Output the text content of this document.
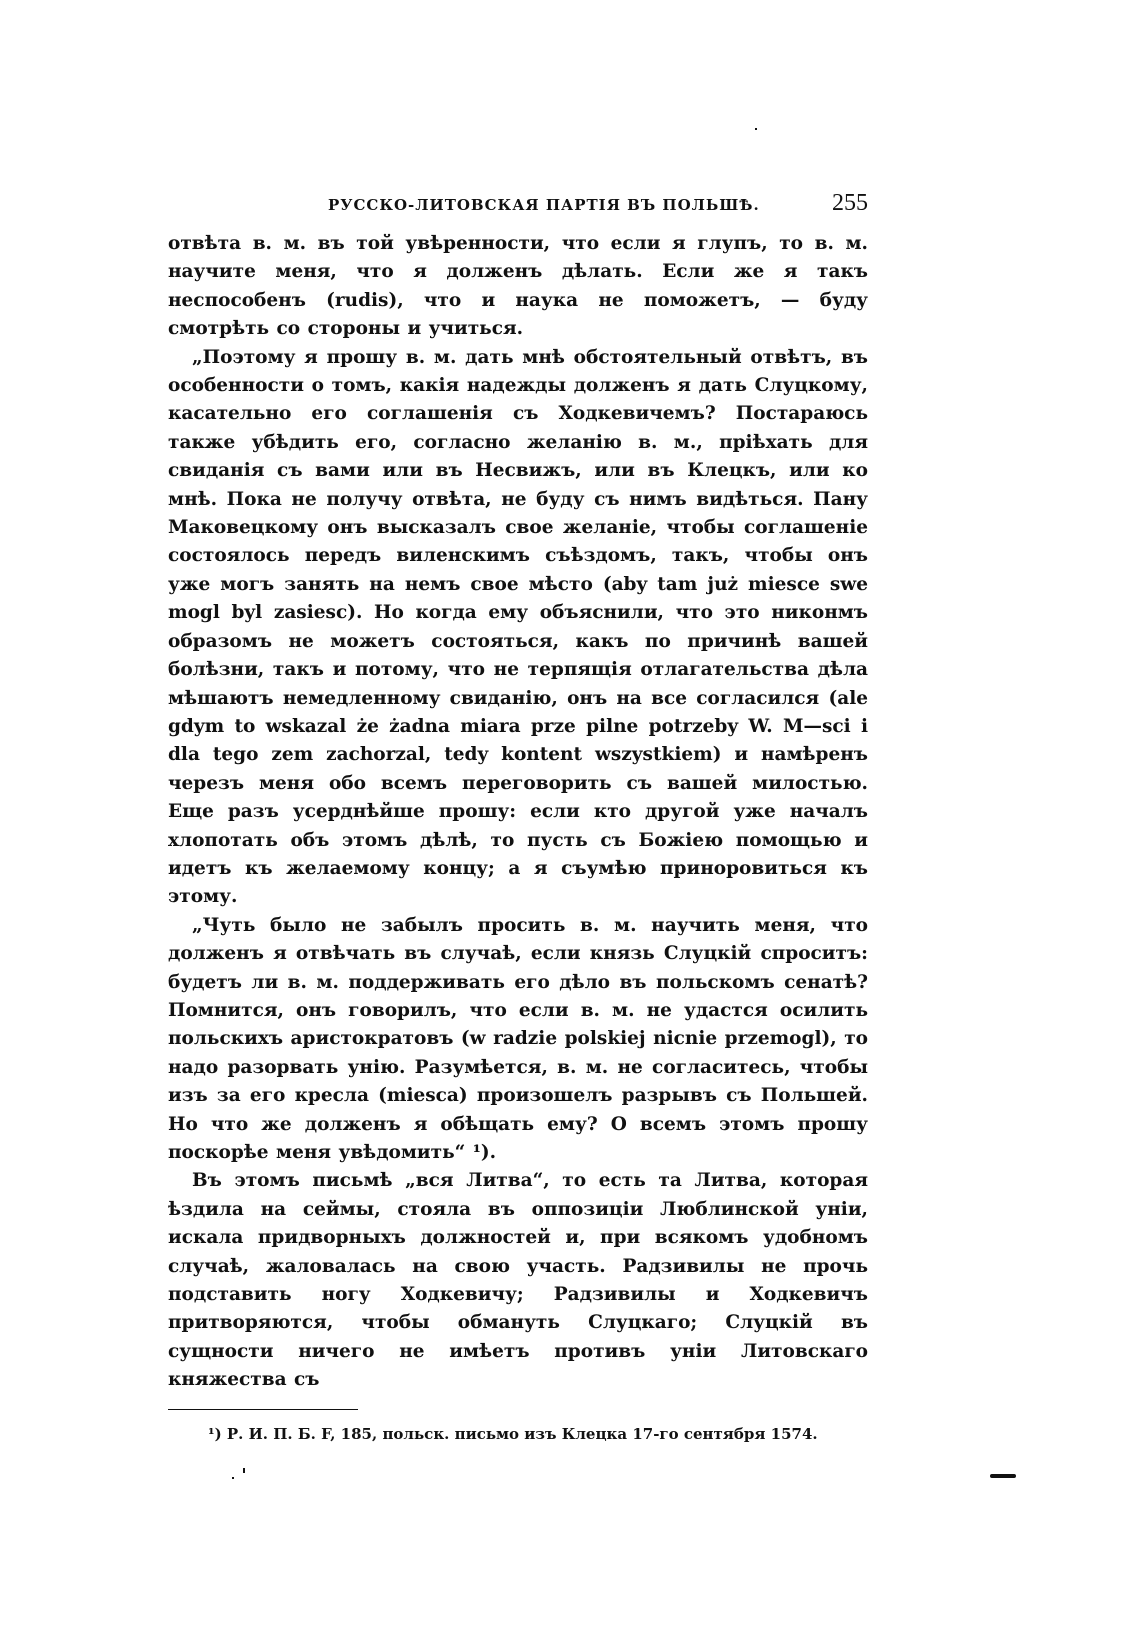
РУССКО-ЛИТОВСКАЯ ПАРТІЯ ВЪ ПОЛЬШѢ.	255

отвѣта в. м. въ той увѣренности, что если я глупъ, то в. м. научите меня, что я долженъ дѣлать. Если же я такъ неспособенъ (rudis), что и наука не поможетъ, — буду смотрѣть со стороны и учиться.

„Поэтому я прошу в. м. дать мнѣ обстоятельный отвѣтъ, въ особенности о томъ, какія надежды долженъ я дать Слуцкому, касательно его соглашенія съ Ходкевичемъ? Постараюсь также убѣдить его, согласно желанію в. м., пріѣхать для свиданія съ вами или въ Несвижъ, или въ Клецкъ, или ко мнѣ. Пока не получу отвѣта, не буду съ нимъ видѣться. Пану Маковецкому онъ высказалъ свое желаніе, чтобы соглашеніе состоялось передъ виленскимъ съѣздомъ, такъ, чтобы онъ уже могъ занять на немъ свое мѣсто (aby tam już miesce swe mogl byl zasiesc). Но когда ему объяснили, что это никонмъ образомъ не можетъ состояться, какъ по причинѣ вашей болѣзни, такъ и потому, что не терпящія отлагательства дѣла мѣшаютъ немедленному свиданію, онъ на все согласился (ale gdym to wskazal że żadna miara prze pilne potrzeby W. M—sci i dla tego zem zachorzal, tedy kontent wszystkiem) и намѣренъ черезъ меня обо всемъ переговорить съ вашей милостью. Еще разъ усерднѣйше прошу: если кто другой уже началъ хлопотать объ этомъ дѣлѣ, то пусть съ Божіею помощью и идетъ къ желаемому концу; а я съумѣю приноровиться къ этому.

„Чуть было не забылъ просить в. м. научить меня, что долженъ я отвѣчать въ случаѣ, если князь Слуцкій спроситъ: будетъ ли в. м. поддерживать его дѣло въ польскомъ сенатѣ? Помнится, онъ говорилъ, что если в. м. не удастся осилить польскихъ аристократовъ (w radzie polskiej nicnie przemogl), то надо разорвать унію. Разумѣется, в. м. не согласитесь, чтобы изъ за его кресла (miesca) произошелъ разрывъ съ Польшей. Но что же долженъ я обѣщать ему? О всемъ этомъ прошу поскорѣе меня увѣдомить“ ¹).

Въ этомъ письмѣ „вся Литва“, то есть та Литва, которая ѣздила на сеймы, стояла въ оппозиціи Люблинской уніи, искала придворныхъ должностей и, при всякомъ удобномъ случаѣ, жаловалась на свою участь. Радзивилы не прочь подставить ногу Ходкевичу; Радзивилы и Ходкевичъ притворяются, чтобы обмануть Слуцкаго; Слуцкій въ сущности ничего не имѣетъ противъ уніи Литовскаго княжества съ

¹) Р. И. П. Б. F, 185, польск. письмо изъ Клецка 17-го сентября 1574.
